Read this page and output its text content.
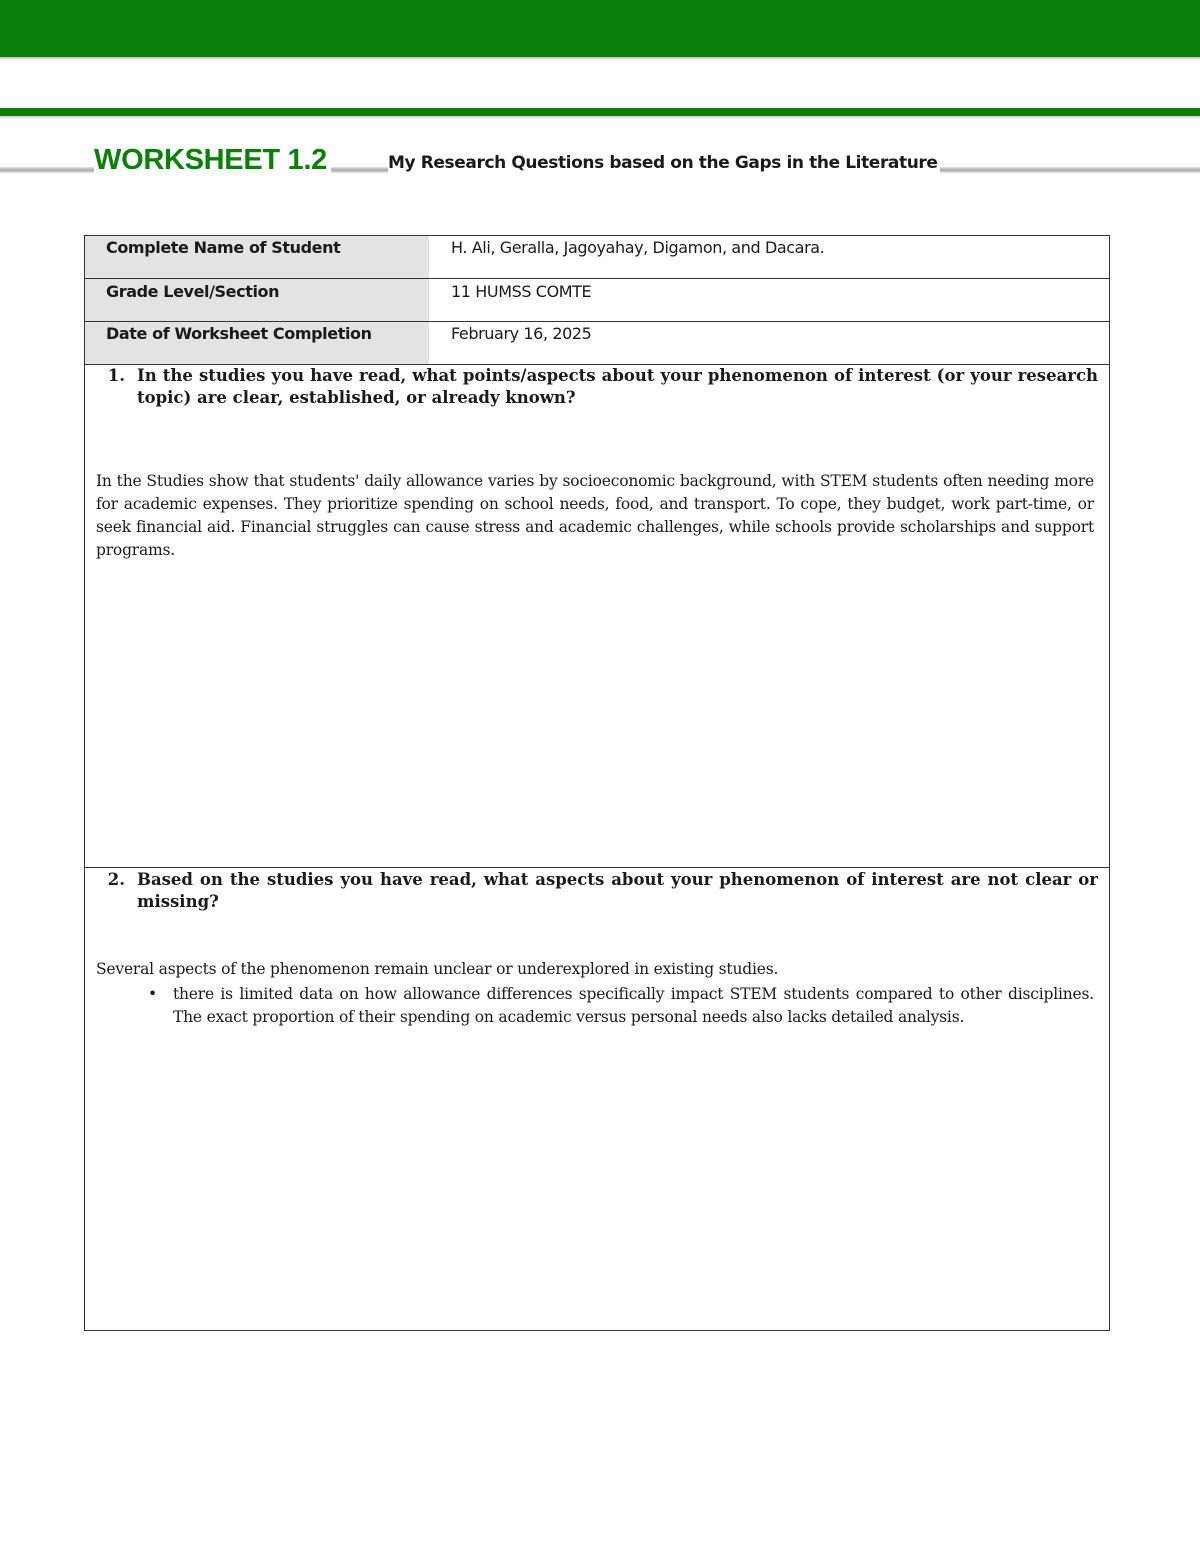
WORKSHEET 1.2	My Research Questions based on the Gaps in the Literature
Complete Name of Student	H. Ali, Geralla, Jagoyahay, Digamon, and Dacara.
Grade Level/Section	11 HUMSS COMTE
Date of Worksheet Completion	February 16, 2025
1. In the studies you have read, what points/aspects about your phenomenon of interest (or your research topic) are clear, established, or already known?
In the Studies show that students' daily allowance varies by socioeconomic background, with STEM students often needing more for academic expenses. They prioritize spending on school needs, food, and transport. To cope, they budget, work part-time, or seek financial aid. Financial struggles can cause stress and academic challenges, while schools provide scholarships and support programs.
2. Based on the studies you have read, what aspects about your phenomenon of interest are not clear or missing?
Several aspects of the phenomenon remain unclear or underexplored in existing studies.
• there is limited data on how allowance differences specifically impact STEM students compared to other disciplines. The exact proportion of their spending on academic versus personal needs also lacks detailed analysis.
